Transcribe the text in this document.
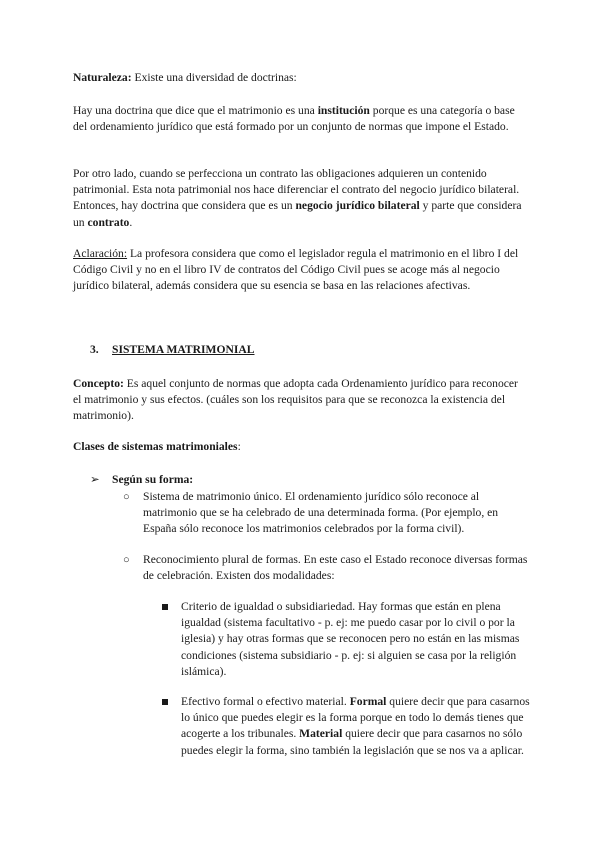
Naturaleza: Existe una diversidad de doctrinas:

Hay una doctrina que dice que el matrimonio es una institución porque es una categoría o base del ordenamiento jurídico que está formado por un conjunto de normas que impone el Estado.

Por otro lado, cuando se perfecciona un contrato las obligaciones adquieren un contenido patrimonial. Esta nota patrimonial nos hace diferenciar el contrato del negocio jurídico bilateral. Entonces, hay doctrina que considera que es un negocio jurídico bilateral y parte que considera un contrato.

Aclaración: La profesora considera que como el legislador regula el matrimonio en el libro I del Código Civil y no en el libro IV de contratos del Código Civil pues se acoge más al negocio jurídico bilateral, además considera que su esencia se basa en las relaciones afectivas.

3. SISTEMA MATRIMONIAL

Concepto: Es aquel conjunto de normas que adopta cada Ordenamiento jurídico para reconocer el matrimonio y sus efectos. (cuáles son los requisitos para que se reconozca la existencia del matrimonio).

Clases de sistemas matrimoniales:

➢ Según su forma:

○ Sistema de matrimonio único. El ordenamiento jurídico sólo reconoce al matrimonio que se ha celebrado de una determinada forma. (Por ejemplo, en España sólo reconoce los matrimonios celebrados por la forma civil).

○ Reconocimiento plural de formas. En este caso el Estado reconoce diversas formas de celebración. Existen dos modalidades:

Criterio de igualdad o subsidiariedad. Hay formas que están en plena igualdad (sistema facultativo - p. ej: me puedo casar por lo civil o por la iglesia) y hay otras formas que se reconocen pero no están en las mismas condiciones (sistema subsidiario - p. ej: si alguien se casa por la religión islámica).

Efectivo formal o efectivo material. Formal quiere decir que para casarnos lo único que puedes elegir es la forma porque en todo lo demás tienes que acogerte a los tribunales. Material quiere decir que para casarnos no sólo puedes elegir la forma, sino también la legislación que se nos va a aplicar.
